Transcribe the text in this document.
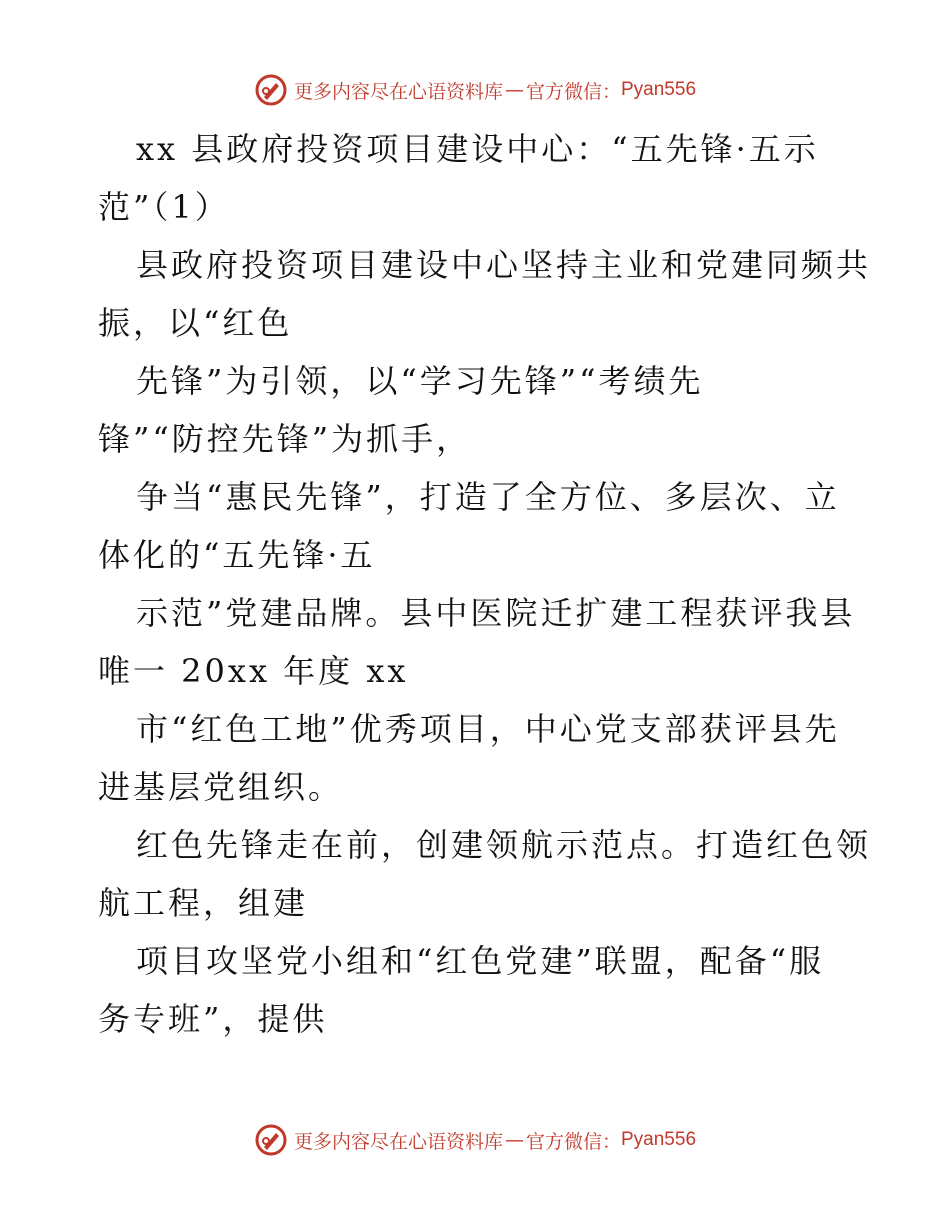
更多内容尽在心语资料库 — 官方微信： Pyan556
xx 县政府投资项目建设中心：“五先锋·五示
范”（1）
县政府投资项目建设中心坚持主业和党建同频共
振，以“红色
先锋”为引领，以“学习先锋”“考绩先
锋”“防控先锋”为抓手，
争当“惠民先锋”，打造了全方位、多层次、立
体化的“五先锋·五
示范”党建品牌。县中医院迁扩建工程获评我县
唯一 20xx 年度 xx
市“红色工地”优秀项目，中心党支部获评县先
进基层党组织。
红色先锋走在前，创建领航示范点。打造红色领
航工程，组建
项目攻坚党小组和“红色党建”联盟，配备“服
务专班”，提供
更多内容尽在心语资料库 — 官方微信： Pyan556
